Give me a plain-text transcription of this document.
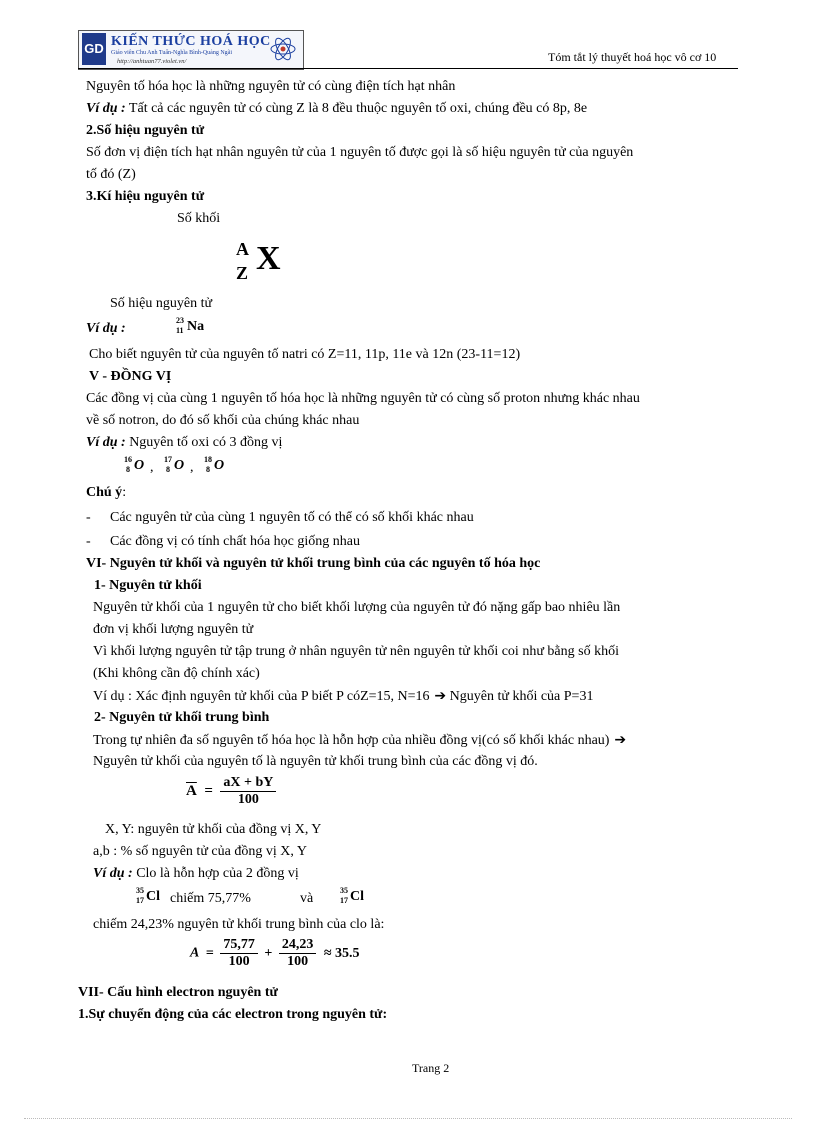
GD KIẾN THỨC HOÁ HỌC
Giáo viên Chu Anh Tuấn-Nghĩa Bình-Quảng Ngãi
http://anhtuan77.violet.vn/	Tóm tắt lý thuyết hoá học vô cơ 10
Nguyên tố hóa học là những nguyên tử có cùng điện tích hạt nhân
Ví dụ : Tất cả các nguyên tử có cùng Z là 8 đều thuộc nguyên tố oxi, chúng đều có 8p, 8e
2.Số hiệu nguyên tử
Số đơn vị điện tích hạt nhân nguyên tử của 1 nguyên tố được gọi là số hiệu nguyên tử của nguyên
tố đó (Z)
3.Kí hiệu nguyên tử
Số khối
A
Z X
Số hiệu nguyên tử
Ví dụ :
23
11 Na
Cho biết nguyên tử của nguyên tố natri có Z=11, 11p, 11e và 12n (23-11=12)
V - ĐỒNG VỊ
Các đồng vị của cùng 1 nguyên tố hóa học là những nguyên tử có cùng số proton nhưng khác nhau
về số notron, do đó số khối của chúng khác nhau
Ví dụ : Nguyên tố oxi có 3 đồng vị
16
8 O ,
17
8 O ,
18
8 O
Chú ý:
- Các nguyên tử của cùng 1 nguyên tố có thể có số khối khác nhau
- Các đồng vị có tính chất hóa học giống nhau
VI- Nguyên tử khối và nguyên tử khối trung bình của các nguyên tố hóa học
1- Nguyên tử khối
Nguyên tử khối của 1 nguyên tử cho biết khối lượng của nguyên tử đó nặng gấp bao nhiêu lần
đơn vị khối lượng nguyên tử
Vì khối lượng nguyên tử tập trung ở nhân nguyên tử nên nguyên tử khối coi như bằng số khối
(Khi không cần độ chính xác)
Ví dụ : Xác định nguyên tử khối của P biết P cóZ=15, N=16 ➔ Nguyên tử khối của P=31
2- Nguyên tử khối trung bình
Trong tự nhiên đa số nguyên tố hóa học là hỗn hợp của nhiều đồng vị(có số khối khác nhau) ➔
Nguyên tử khối của nguyên tố là nguyên tử khối trung bình của các đồng vị đó.
$\overline{A} = \frac{aX + bY}{100}$
X, Y: nguyên tử khối của đồng vị X, Y
a,b : % số nguyên tử của đồng vị X, Y
Ví dụ : Clo là hỗn hợp của 2 đồng vị
35
17 Cl chiếm 75,77%	và
35
17 Cl
chiếm 24,23% nguyên tử khối trung bình của clo là:
$A = \frac{75,77}{100} + \frac{24,23}{100} \approx 35.5$
VII- Cấu hình electron nguyên tử
1.Sự chuyển động của các electron trong nguyên tử:
Trang 2
